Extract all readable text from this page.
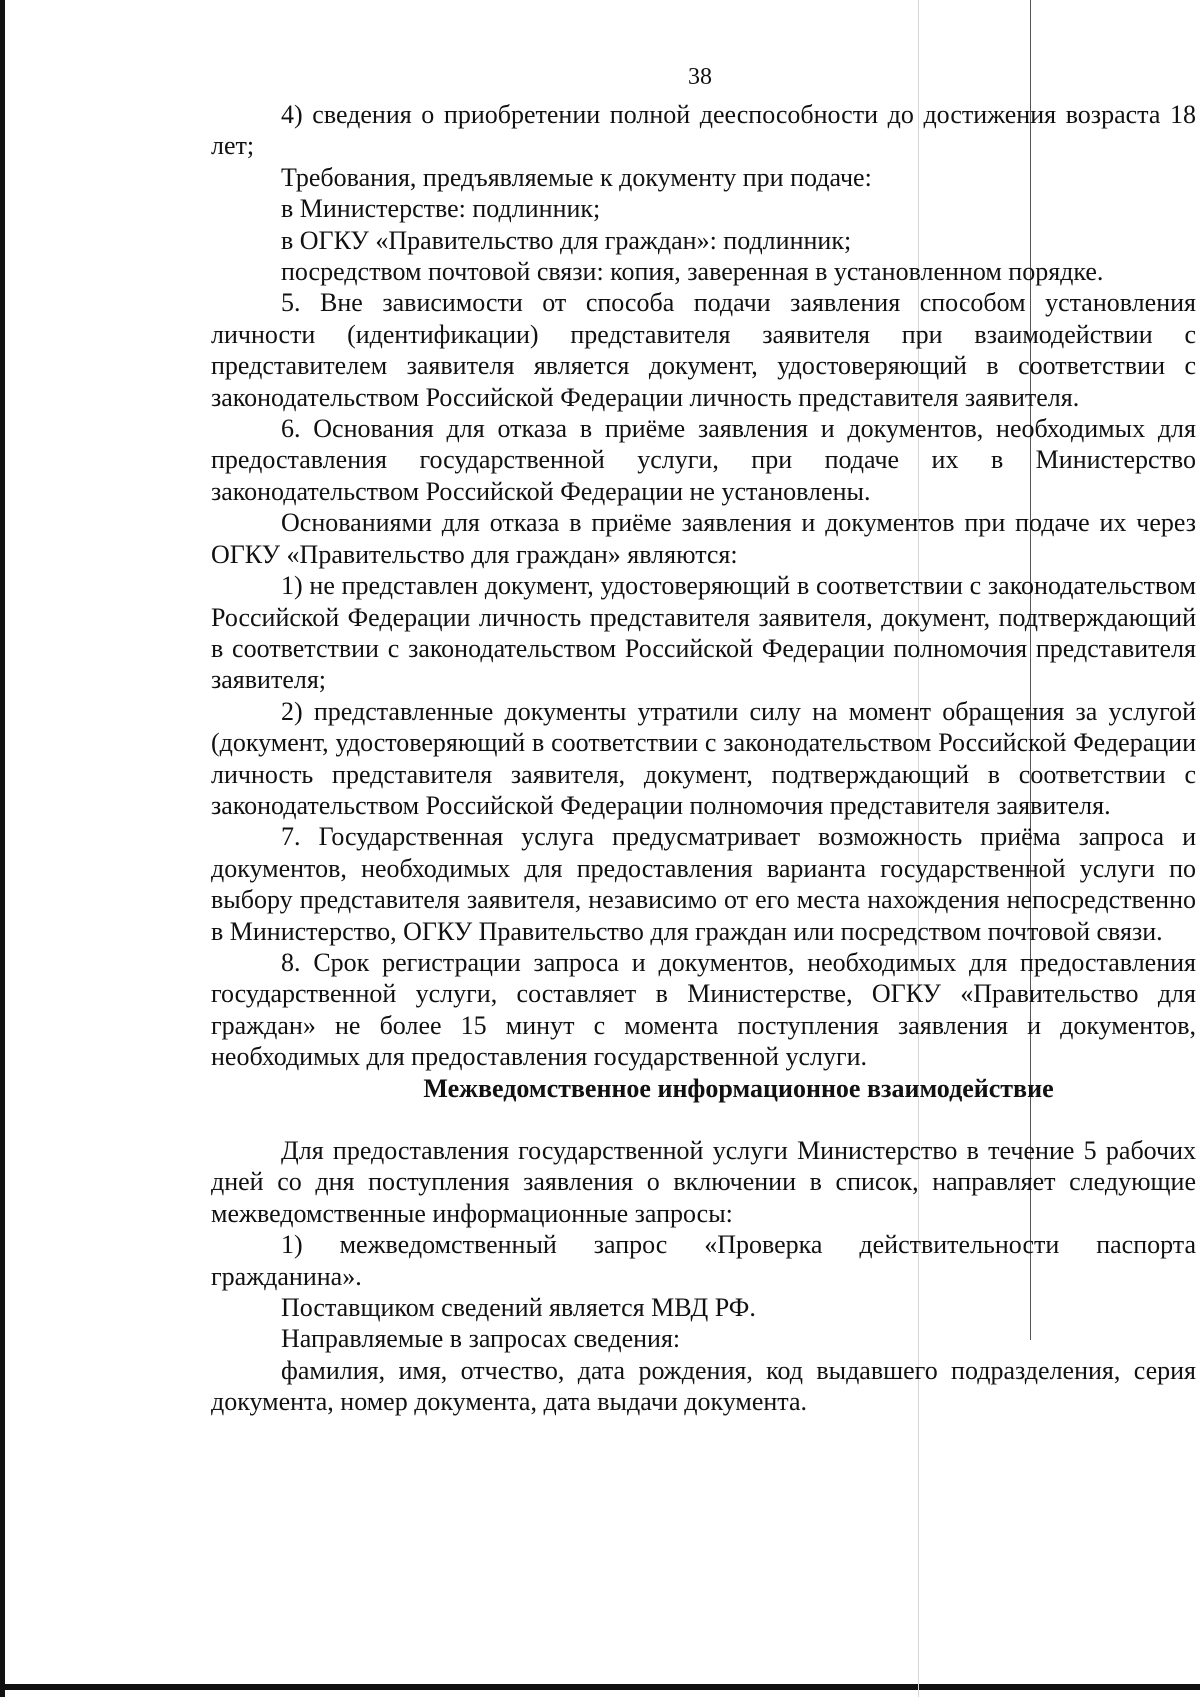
38

4) сведения о приобретении полной дееспособности до достижения возраста 18 лет;

Требования, предъявляемые к документу при подаче:

в Министерстве: подлинник;

в ОГКУ «Правительство для граждан»: подлинник;

посредством почтовой связи: копия, заверенная в установленном порядке.

5. Вне зависимости от способа подачи заявления способом установления личности (идентификации) представителя заявителя при взаимодействии с представителем заявителя является документ, удостоверяющий в соответствии с законодательством Российской Федерации личность представителя заявителя.

6. Основания для отказа в приёме заявления и документов, необходимых для предоставления государственной услуги, при подаче их в Министерство законодательством Российской Федерации не установлены.

Основаниями для отказа в приёме заявления и документов при подаче их через ОГКУ «Правительство для граждан» являются:

1) не представлен документ, удостоверяющий в соответствии с законодательством Российской Федерации личность представителя заявителя, документ, подтверждающий в соответствии с законодательством Российской Федерации полномочия представителя заявителя;

2) представленные документы утратили силу на момент обращения за услугой (документ, удостоверяющий в соответствии с законодательством Российской Федерации личность представителя заявителя, документ, подтверждающий в соответствии с законодательством Российской Федерации полномочия представителя заявителя.

7. Государственная услуга предусматривает возможность приёма запроса и документов, необходимых для предоставления варианта государственной услуги по выбору представителя заявителя, независимо от его места нахождения непосредственно в Министерство, ОГКУ Правительство для граждан или посредством почтовой связи.

8. Срок регистрации запроса и документов, необходимых для предоставления государственной услуги, составляет в Министерстве, ОГКУ «Правительство для граждан» не более 15 минут с момента поступления заявления и документов, необходимых для предоставления государственной услуги.

Межведомственное информационное взаимодействие

Для предоставления государственной услуги Министерство в течение 5 рабочих дней со дня поступления заявления о включении в список, направляет следующие межведомственные информационные запросы:

1) межведомственный запрос «Проверка действительности паспорта гражданина».

Поставщиком сведений является МВД РФ.

Направляемые в запросах сведения:

фамилия, имя, отчество, дата рождения, код выдавшего подразделения, серия документа, номер документа, дата выдачи документа.
